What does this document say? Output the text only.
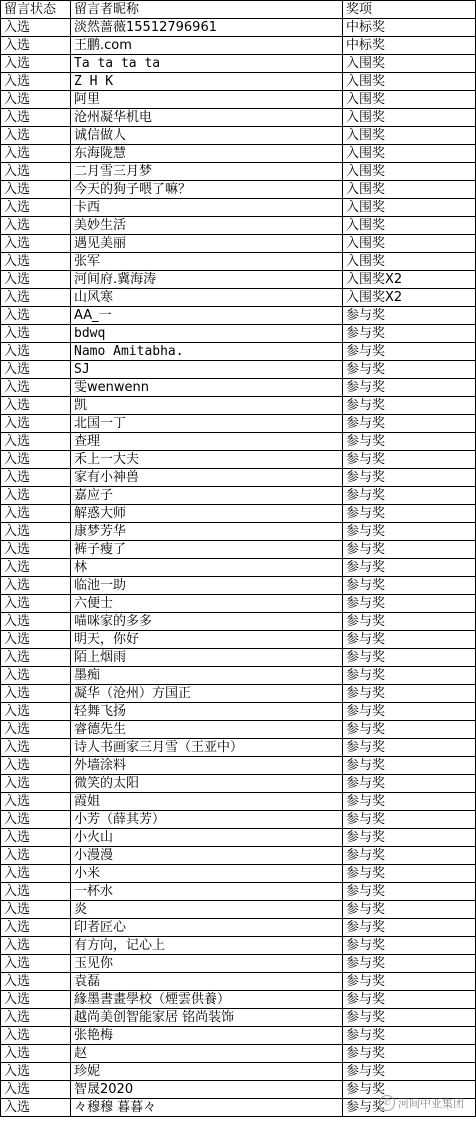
留言状态	留言者昵称	奖项
入选	淡然蔷薇15512796961	中标奖
入选	王鹏.com	中标奖
入选	Ta ta ta ta	入围奖
入选	Z H K	入围奖
入选	阿里	入围奖
入选	沧州凝华机电	入围奖
入选	诚信做人	入围奖
入选	东海陇慧	入围奖
入选	二月雪三月梦	入围奖
入选	今天的狗子喂了嘛？	入围奖
入选	卡西	入围奖
入选	美妙生活	入围奖
入选	遇见美丽	入围奖
入选	张军	入围奖
入选	河间府.冀海涛	入围奖X2
入选	山风寒	入围奖X2
入选	AA_一	参与奖
入选	bdwq	参与奖
入选	Namo Amitabha.	参与奖
入选	SJ	参与奖
入选	雯wenwenn	参与奖
入选	凯	参与奖
入选	北国一丁	参与奖
入选	查理	参与奖
入选	禾上一大夫	参与奖
入选	家有小神兽	参与奖
入选	嘉应子	参与奖
入选	解惑大师	参与奖
入选	康梦芳华	参与奖
入选	裤子瘦了	参与奖
入选	林	参与奖
入选	临池一助	参与奖
入选	六便士	参与奖
入选	喵咪家的多多	参与奖
入选	明天，你好	参与奖
入选	陌上烟雨	参与奖
入选	墨痴	参与奖
入选	凝华（沧州）方国正	参与奖
入选	轻舞飞扬	参与奖
入选	睿德先生	参与奖
入选	诗人书画家三月雪（王亚中）	参与奖
入选	外墙涂料	参与奖
入选	微笑的太阳	参与奖
入选	霞姐	参与奖
入选	小芳（薛其芳）	参与奖
入选	小火山	参与奖
入选	小漫漫	参与奖
入选	小米	参与奖
入选	一杯水	参与奖
入选	炎	参与奖
入选	印者匠心	参与奖
入选	有方向，记心上	参与奖
入选	玉见你	参与奖
入选	袁磊	参与奖
入选	緣墨書畫學校（煙雲供養）	参与奖
入选	越尚美创智能家居 铭尚装饰	参与奖
入选	张艳梅	参与奖
入选	赵	参与奖
入选	珍妮	参与奖
入选	智晟2020	参与奖
入选	々穆穆 暮暮々	参与奖
✆ 河间中亚集团
